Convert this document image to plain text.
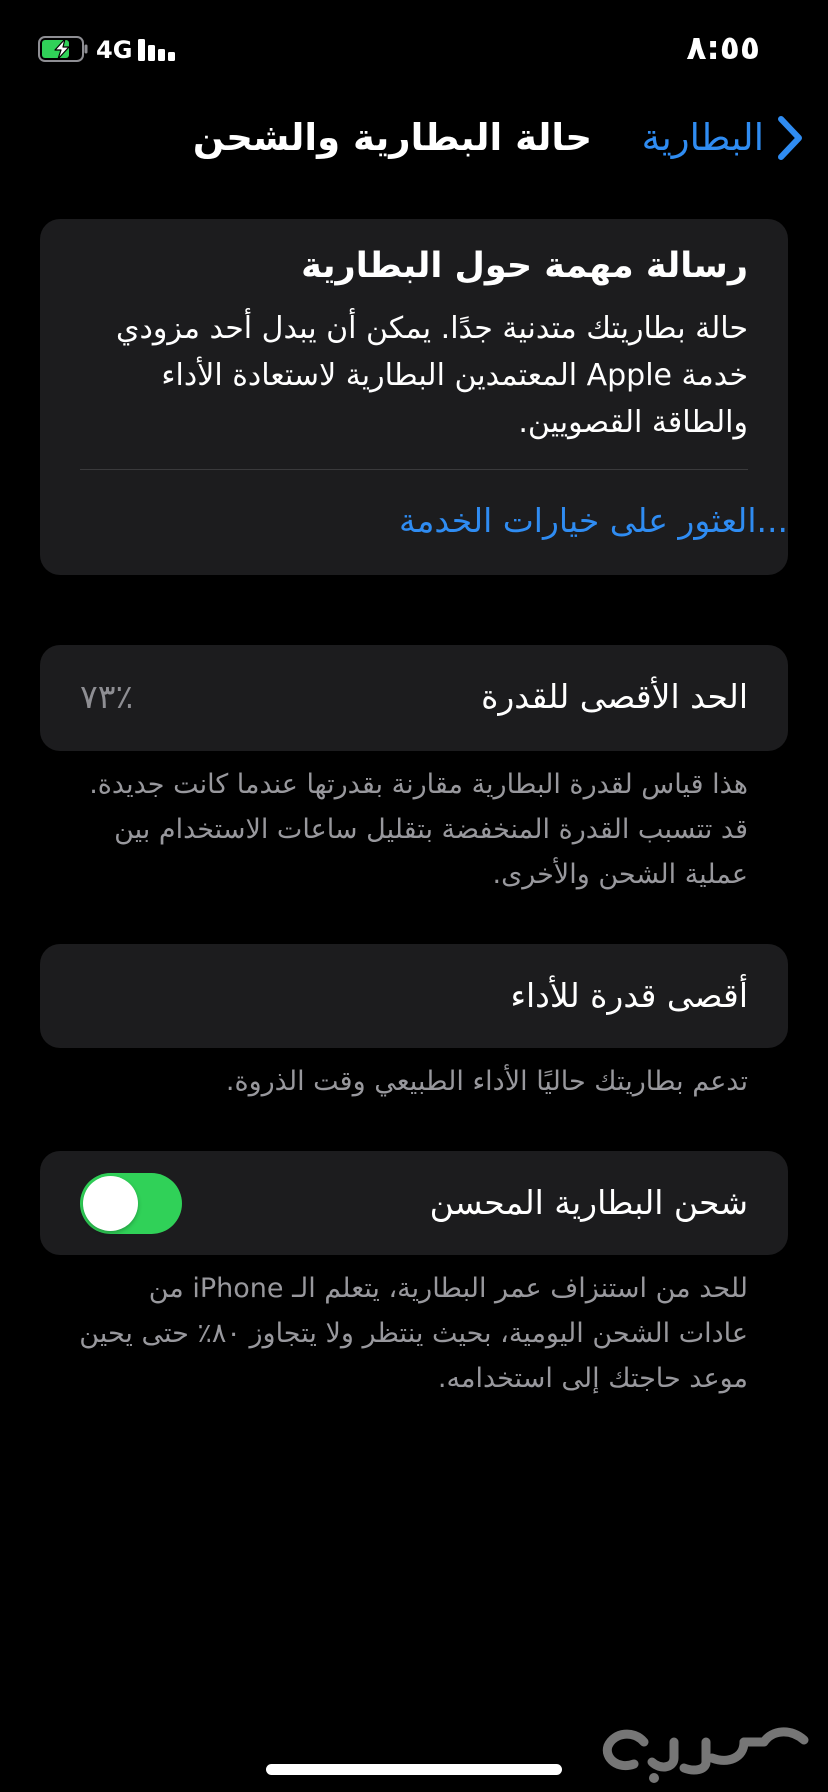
4G	٨:٥٥
البطارية
حالة البطارية والشحن
رسالة مهمة حول البطارية
حالة بطاريتك متدنية جدًا. يمكن أن يبدل أحد مزودي خدمة Apple المعتمدين البطارية لاستعادة الأداء والطاقة القصويين.
العثور على خيارات الخدمة...
الحد الأقصى للقدرة
٪٧٣
هذا قياس لقدرة البطارية مقارنة بقدرتها عندما كانت جديدة. قد تتسبب القدرة المنخفضة بتقليل ساعات الاستخدام بين عملية الشحن والأخرى.
أقصى قدرة للأداء
تدعم بطاريتك حاليًا الأداء الطبيعي وقت الذروة.
شحن البطارية المحسن
للحد من استنزاف عمر البطارية، يتعلم الـ iPhone من عادات الشحن اليومية، بحيث ينتظر ولا يتجاوز ٨٠٪ حتى يحين موعد حاجتك إلى استخدامه.
